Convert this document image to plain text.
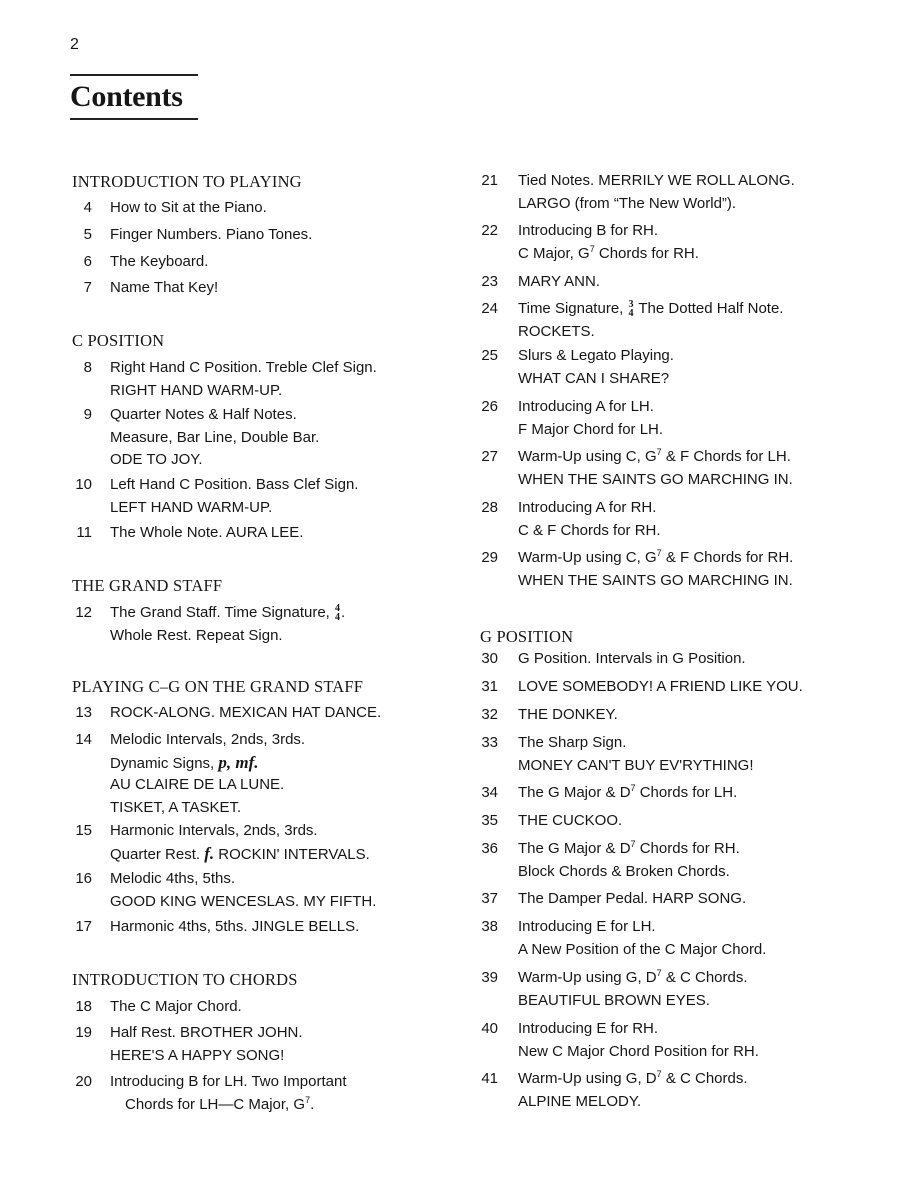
2
Contents
INTRODUCTION TO PLAYING
4 How to Sit at the Piano.
5 Finger Numbers. Piano Tones.
6 The Keyboard.
7 Name That Key!
C POSITION
8 Right Hand C Position. Treble Clef Sign.
RIGHT HAND WARM-UP.
9 Quarter Notes & Half Notes.
Measure, Bar Line, Double Bar.
ODE TO JOY.
10 Left Hand C Position. Bass Clef Sign.
LEFT HAND WARM-UP.
11 The Whole Note. AURA LEE.
THE GRAND STAFF
12 The Grand Staff. Time Signature, 4
4 .
Whole Rest. Repeat Sign.
PLAYING C–G ON THE GRAND STAFF
13 ROCK-ALONG. MEXICAN HAT DANCE.
14 Melodic Intervals, 2nds, 3rds.
Dynamic Signs, p, mf.
AU CLAIRE DE LA LUNE.
TISKET, A TASKET.
15 Harmonic Intervals, 2nds, 3rds.
Quarter Rest. f. ROCKIN' INTERVALS.
16 Melodic 4ths, 5ths.
GOOD KING WENCESLAS. MY FIFTH.
17 Harmonic 4ths, 5ths. JINGLE BELLS.
INTRODUCTION TO CHORDS
18 The C Major Chord.
19 Half Rest. BROTHER JOHN.
HERE'S A HAPPY SONG!
20 Introducing B for LH. Two Important
Chords for LH—C Major, $G^7$.
21 Tied Notes. MERRILY WE ROLL ALONG.
LARGO (from “The New World”).
22 Introducing B for RH.
C Major, $G^7$ Chords for RH.
23 MARY ANN.
24 Time Signature, 3
4 The Dotted Half Note.
ROCKETS.
25 Slurs & Legato Playing.
WHAT CAN I SHARE?
26 Introducing A for LH.
F Major Chord for LH.
27 Warm-Up using C, $G^7$ & F Chords for LH.
WHEN THE SAINTS GO MARCHING IN.
28 Introducing A for RH.
C & F Chords for RH.
29 Warm-Up using C, $G^7$ & F Chords for RH.
WHEN THE SAINTS GO MARCHING IN.
G POSITION
30 G Position. Intervals in G Position.
31 LOVE SOMEBODY! A FRIEND LIKE YOU.
32 THE DONKEY.
33 The Sharp Sign.
MONEY CAN'T BUY EV'RYTHING!
34 The G Major & $D^7$ Chords for LH.
35 THE CUCKOO.
36 The G Major & $D^7$ Chords for RH.
Block Chords & Broken Chords.
37 The Damper Pedal. HARP SONG.
38 Introducing E for LH.
A New Position of the C Major Chord.
39 Warm-Up using G, $D^7$ & C Chords.
BEAUTIFUL BROWN EYES.
40 Introducing E for RH.
New C Major Chord Position for RH.
41 Warm-Up using G, $D^7$ & C Chords.
ALPINE MELODY.
